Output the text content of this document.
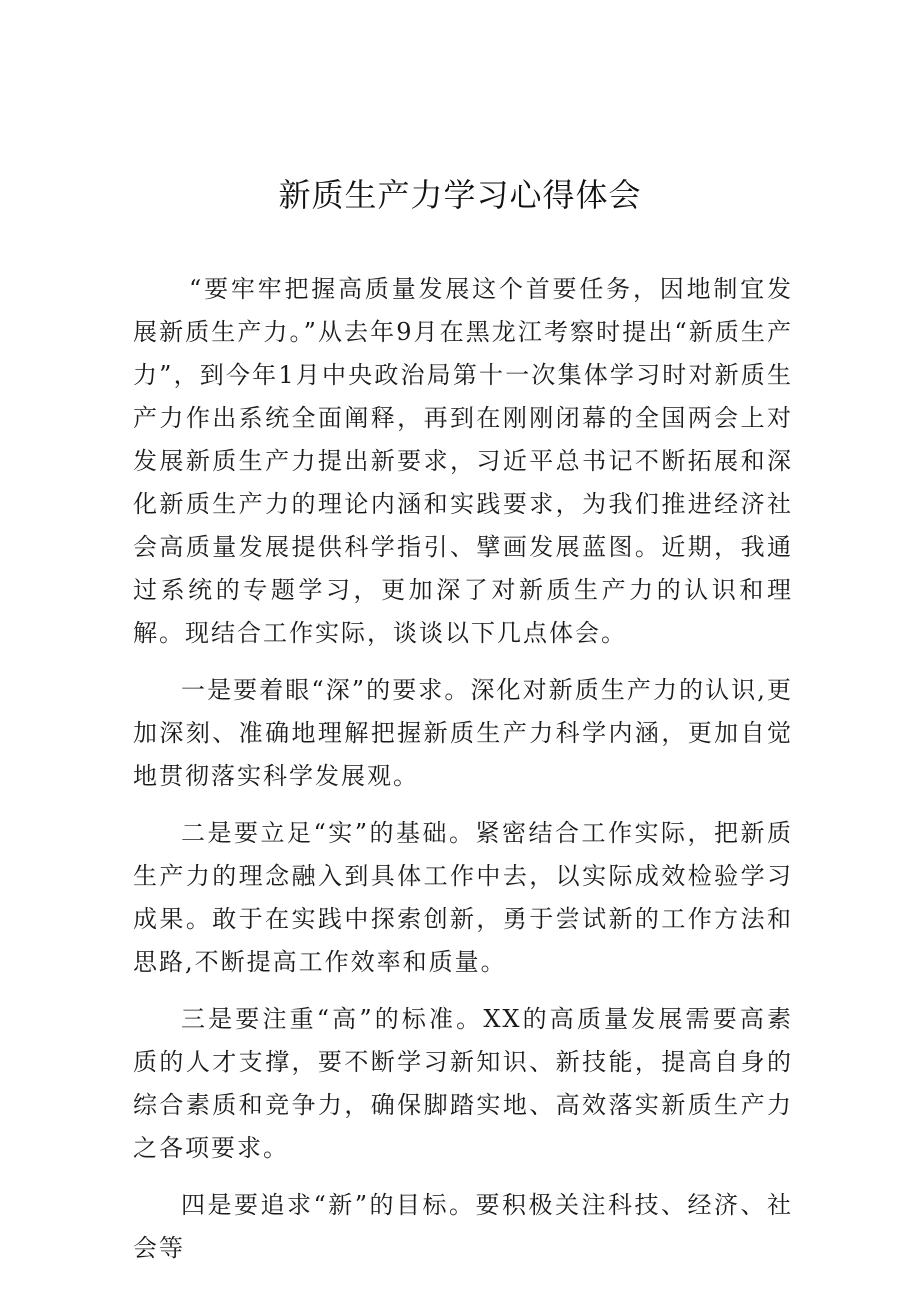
新质生产力学习心得体会

“要牢牢把握高质量发展这个首要任务，因地制宜发展新质生产力。”从去年9月在黑龙江考察时提出“新质生产力”，到今年1月中央政治局第十一次集体学习时对新质生产力作出系统全面阐释，再到在刚刚闭幕的全国两会上对发展新质生产力提出新要求，习近平总书记不断拓展和深化新质生产力的理论内涵和实践要求，为我们推进经济社会高质量发展提供科学指引、擘画发展蓝图。近期，我通过系统的专题学习，更加深了对新质生产力的认识和理解。现结合工作实际，谈谈以下几点体会。

一是要着眼“深”的要求。深化对新质生产力的认识,更加深刻、准确地理解把握新质生产力科学内涵，更加自觉地贯彻落实科学发展观。

二是要立足“实”的基础。紧密结合工作实际，把新质生产力的理念融入到具体工作中去，以实际成效检验学习成果。敢于在实践中探索创新，勇于尝试新的工作方法和思路,不断提高工作效率和质量。

三是要注重“高”的标准。XX的高质量发展需要高素质的人才支撑，要不断学习新知识、新技能，提高自身的综合素质和竞争力，确保脚踏实地、高效落实新质生产力之各项要求。

四是要追求“新”的目标。要积极关注科技、经济、社会等
